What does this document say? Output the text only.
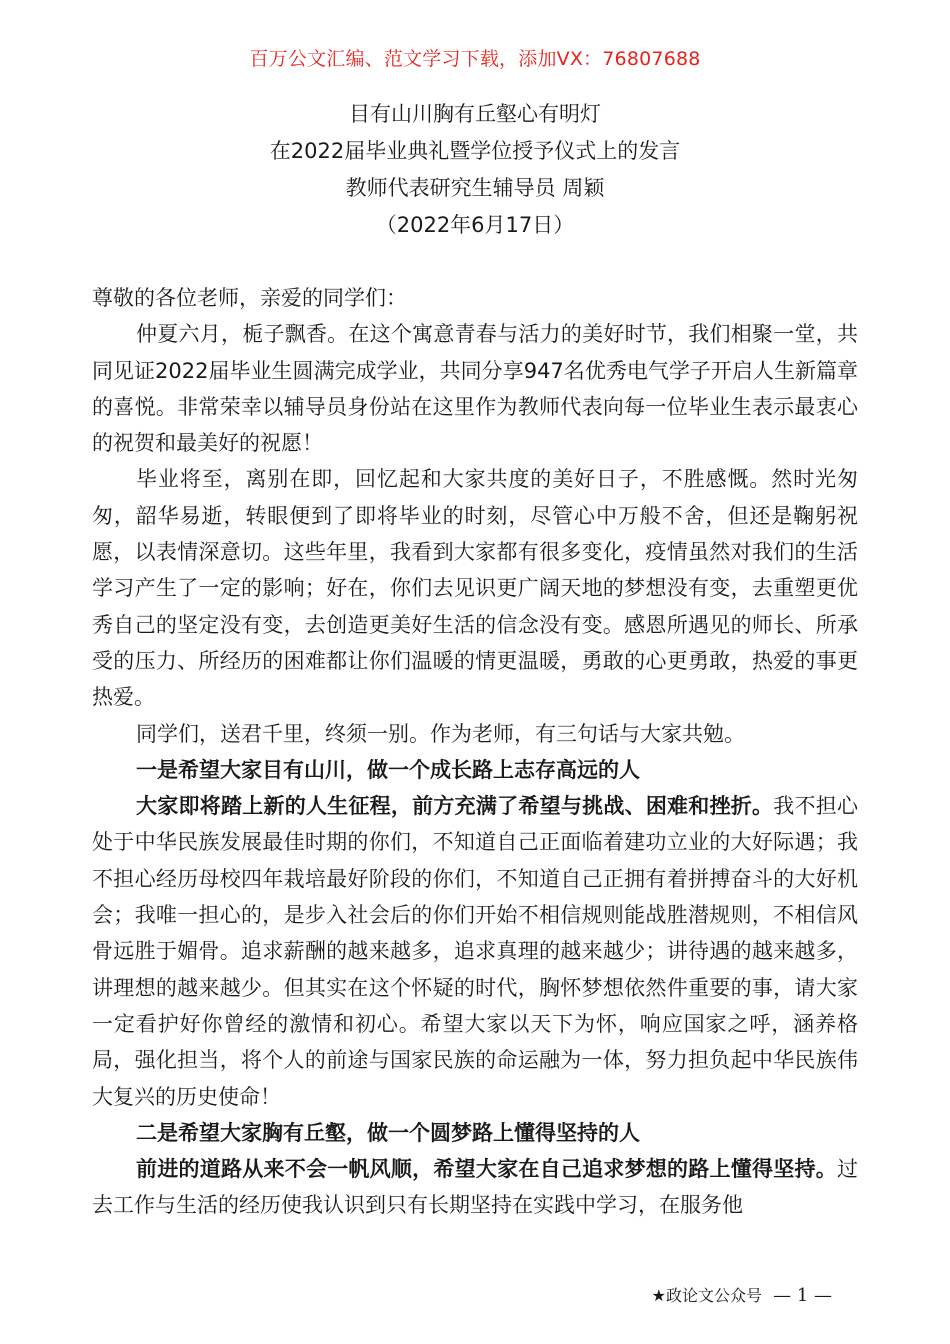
百万公文汇编、范文学习下载，添加VX：76807688
目有山川胸有丘壑心有明灯
在2022届毕业典礼暨学位授予仪式上的发言
教师代表研究生辅导员 周颖
（2022年6月17日）

尊敬的各位老师，亲爱的同学们：

仲夏六月，栀子飘香。在这个寓意青春与活力的美好时节，我们相聚一堂，共同见证2022届毕业生圆满完成学业，共同分享947名优秀电气学子开启人生新篇章的喜悦。非常荣幸以辅导员身份站在这里作为教师代表向每一位毕业生表示最衷心的祝贺和最美好的祝愿！

毕业将至，离别在即，回忆起和大家共度的美好日子，不胜感慨。然时光匆匆，韶华易逝，转眼便到了即将毕业的时刻，尽管心中万般不舍，但还是鞠躬祝愿，以表情深意切。这些年里，我看到大家都有很多变化，疫情虽然对我们的生活学习产生了一定的影响；好在，你们去见识更广阔天地的梦想没有变，去重塑更优秀自己的坚定没有变，去创造更美好生活的信念没有变。感恩所遇见的师长、所承受的压力、所经历的困难都让你们温暖的情更温暖，勇敢的心更勇敢，热爱的事更热爱。

同学们，送君千里，终须一别。作为老师，有三句话与大家共勉。

一是希望大家目有山川，做一个成长路上志存高远的人

大家即将踏上新的人生征程，前方充满了希望与挑战、困难和挫折。我不担心处于中华民族发展最佳时期的你们，不知道自己正面临着建功立业的大好际遇；我不担心经历母校四年栽培最好阶段的你们，不知道自己正拥有着拼搏奋斗的大好机会；我唯一担心的，是步入社会后的你们开始不相信规则能战胜潜规则，不相信风骨远胜于媚骨。追求薪酬的越来越多，追求真理的越来越少；讲待遇的越来越多，讲理想的越来越少。但其实在这个怀疑的时代，胸怀梦想依然件重要的事，请大家一定看护好你曾经的激情和初心。希望大家以天下为怀，响应国家之呼，涵养格局，强化担当，将个人的前途与国家民族的命运融为一体，努力担负起中华民族伟大复兴的历史使命！

二是希望大家胸有丘壑，做一个圆梦路上懂得坚持的人

前进的道路从来不会一帆风顺，希望大家在自己追求梦想的路上懂得坚持。过去工作与生活的经历使我认识到只有长期坚持在实践中学习，在服务他

★政论文公众号 — 1 —
